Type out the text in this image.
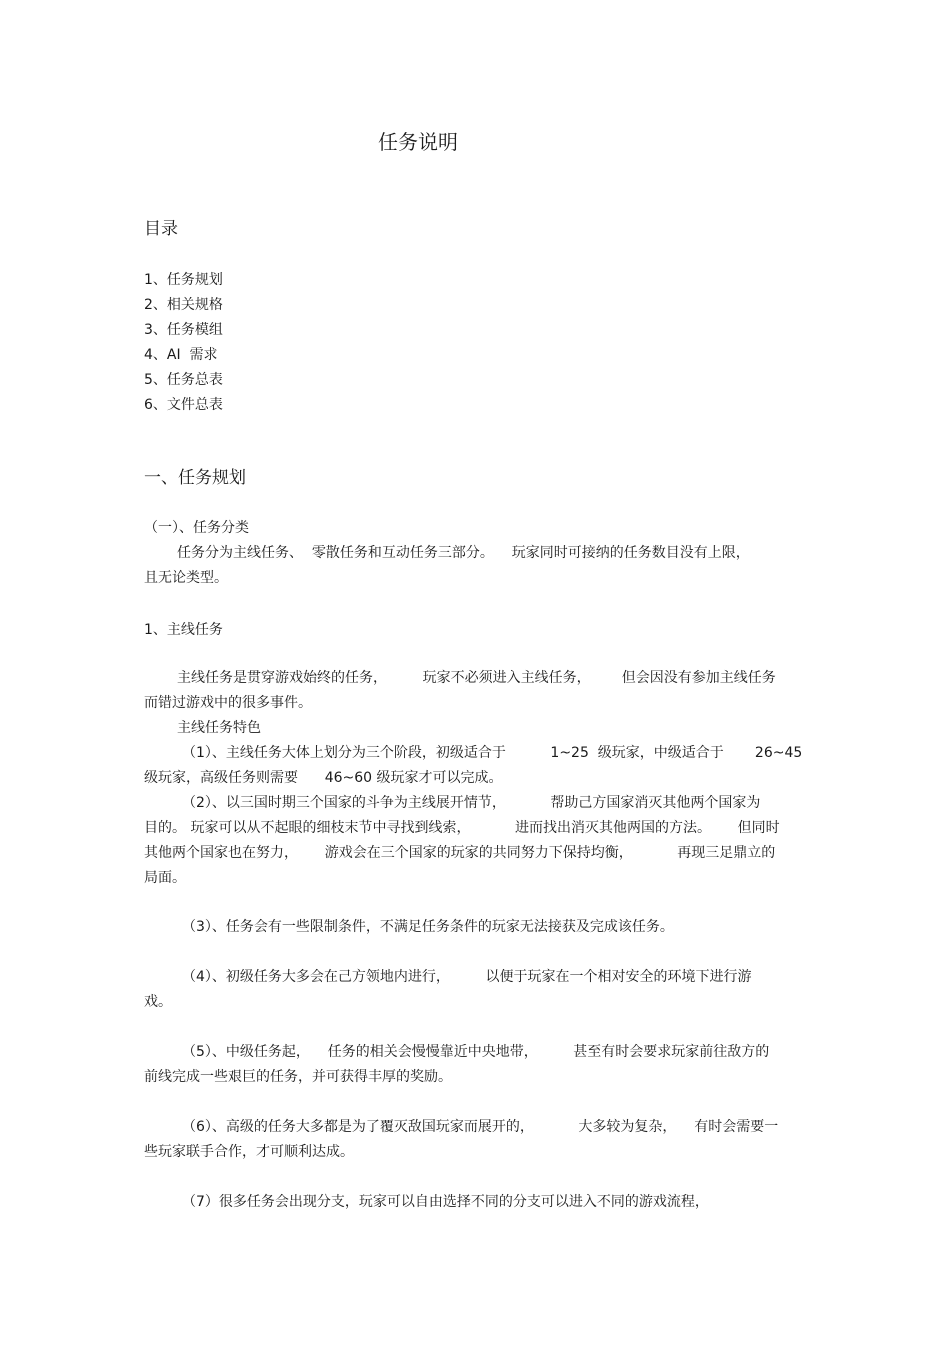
任务说明
目录
1、任务规划
2、相关规格
3、任务模组
4、AI  需求
5、任务总表
6、文件总表
一、任务规划
（一）、任务分类
任务分为主线任务、  零散任务和互动任务三部分。    玩家同时可接纳的任务数目没有上限，
且无论类型。
1、主线任务
主线任务是贯穿游戏始终的任务，        玩家不必须进入主线任务，       但会因没有参加主线任务
而错过游戏中的很多事件。
主线任务特色
（1）、主线任务大体上划分为三个阶段，初级适合于          1~25  级玩家，中级适合于       26~45
级玩家，高级任务则需要      46~60 级玩家才可以完成。
（2）、以三国时期三个国家的斗争为主线展开情节，          帮助己方国家消灭其他两个国家为
目的。 玩家可以从不起眼的细枝末节中寻找到线索，          进而找出消灭其他两国的方法。      但同时
其他两个国家也在努力，      游戏会在三个国家的玩家的共同努力下保持均衡，          再现三足鼎立的
局面。
（3）、任务会有一些限制条件，不满足任务条件的玩家无法接获及完成该任务。
（4）、初级任务大多会在己方领地内进行，        以便于玩家在一个相对安全的环境下进行游
戏。
（5）、中级任务起，    任务的相关会慢慢靠近中央地带，        甚至有时会要求玩家前往敌方的
前线完成一些艰巨的任务，并可获得丰厚的奖励。
（6）、高级的任务大多都是为了覆灭敌国玩家而展开的，          大多较为复杂，    有时会需要一
些玩家联手合作，才可顺利达成。
（7）很多任务会出现分支，玩家可以自由选择不同的分支可以进入不同的游戏流程，
